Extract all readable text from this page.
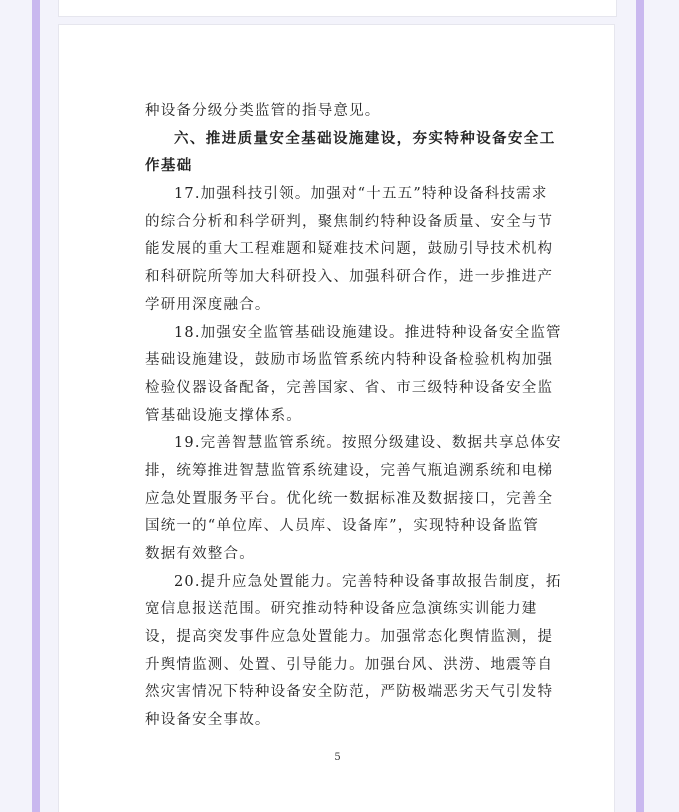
种设备分级分类监管的指导意见。
六、推进质量安全基础设施建设，夯实特种设备安全工
作基础
17.加强科技引领。加强对“十五五”特种设备科技需求
的综合分析和科学研判，聚焦制约特种设备质量、安全与节
能发展的重大工程难题和疑难技术问题，鼓励引导技术机构
和科研院所等加大科研投入、加强科研合作，进一步推进产
学研用深度融合。
18.加强安全监管基础设施建设。推进特种设备安全监管
基础设施建设，鼓励市场监管系统内特种设备检验机构加强
检验仪器设备配备，完善国家、省、市三级特种设备安全监
管基础设施支撑体系。
19.完善智慧监管系统。按照分级建设、数据共享总体安
排，统筹推进智慧监管系统建设，完善气瓶追溯系统和电梯
应急处置服务平台。优化统一数据标准及数据接口，完善全
国统一的“单位库、人员库、设备库”，实现特种设备监管
数据有效整合。
20.提升应急处置能力。完善特种设备事故报告制度，拓
宽信息报送范围。研究推动特种设备应急演练实训能力建
设，提高突发事件应急处置能力。加强常态化舆情监测，提
升舆情监测、处置、引导能力。加强台风、洪涝、地震等自
然灾害情况下特种设备安全防范，严防极端恶劣天气引发特
种设备安全事故。
5
